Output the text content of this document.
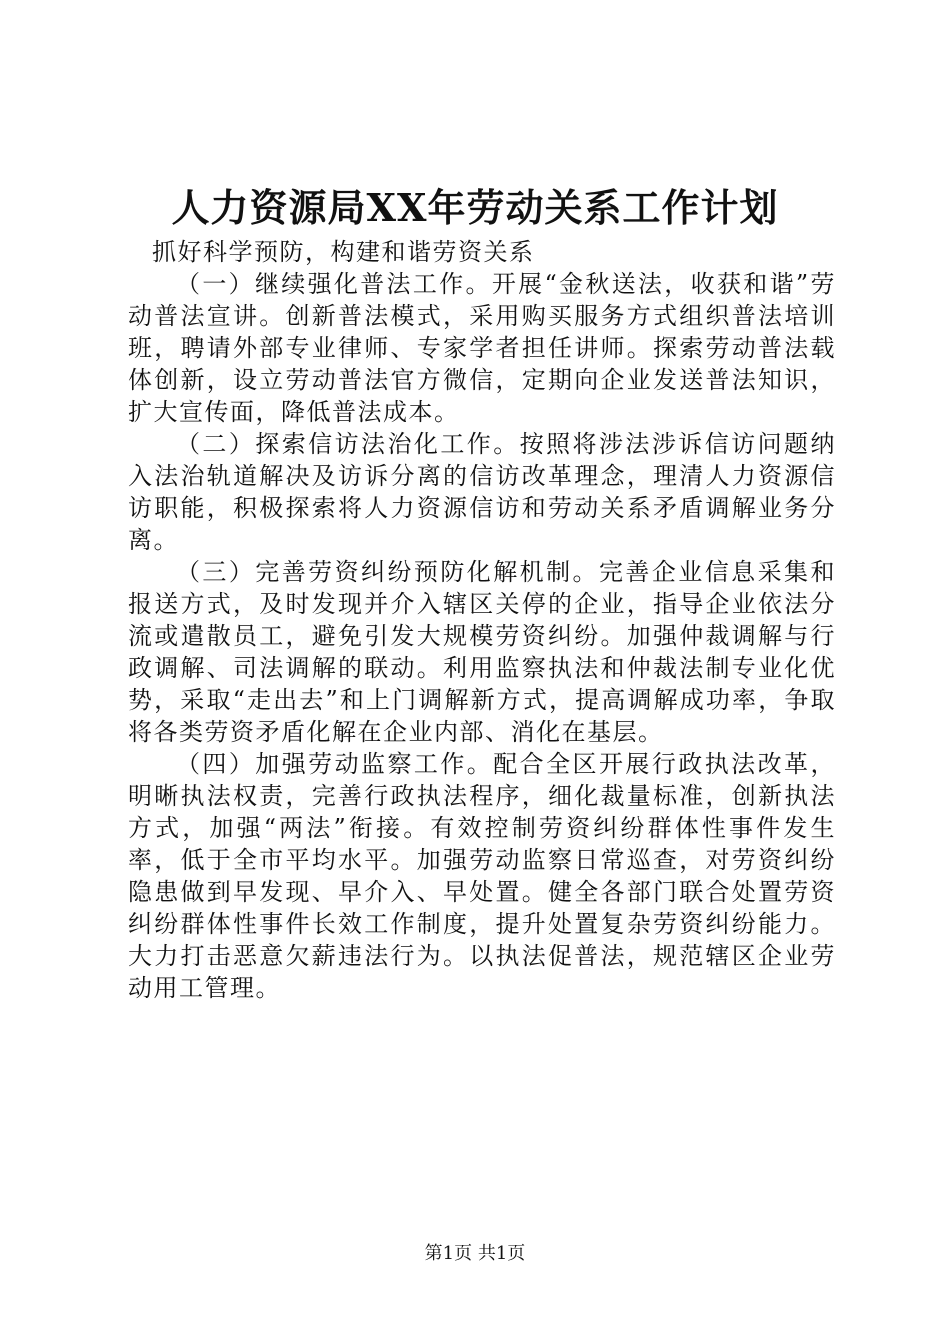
人力资源局XX年劳动关系工作计划

抓好科学预防，构建和谐劳资关系

（一）继续强化普法工作。开展“金秋送法，收获和谐”劳动普法宣讲。创新普法模式，采用购买服务方式组织普法培训班，聘请外部专业律师、专家学者担任讲师。探索劳动普法载体创新，设立劳动普法官方微信，定期向企业发送普法知识，扩大宣传面，降低普法成本。

（二）探索信访法治化工作。按照将涉法涉诉信访问题纳入法治轨道解决及访诉分离的信访改革理念，理清人力资源信访职能，积极探索将人力资源信访和劳动关系矛盾调解业务分离。

（三）完善劳资纠纷预防化解机制。完善企业信息采集和报送方式，及时发现并介入辖区关停的企业，指导企业依法分流或遣散员工，避免引发大规模劳资纠纷。加强仲裁调解与行政调解、司法调解的联动。利用监察执法和仲裁法制专业化优势，采取“走出去”和上门调解新方式，提高调解成功率，争取将各类劳资矛盾化解在企业内部、消化在基层。

（四）加强劳动监察工作。配合全区开展行政执法改革，明晰执法权责，完善行政执法程序，细化裁量标准，创新执法方式，加强“两法”衔接。有效控制劳资纠纷群体性事件发生率，低于全市平均水平。加强劳动监察日常巡查，对劳资纠纷隐患做到早发现、早介入、早处置。健全各部门联合处置劳资纠纷群体性事件长效工作制度，提升处置复杂劳资纠纷能力。大力打击恶意欠薪违法行为。以执法促普法，规范辖区企业劳动用工管理。

第1页 共1页
